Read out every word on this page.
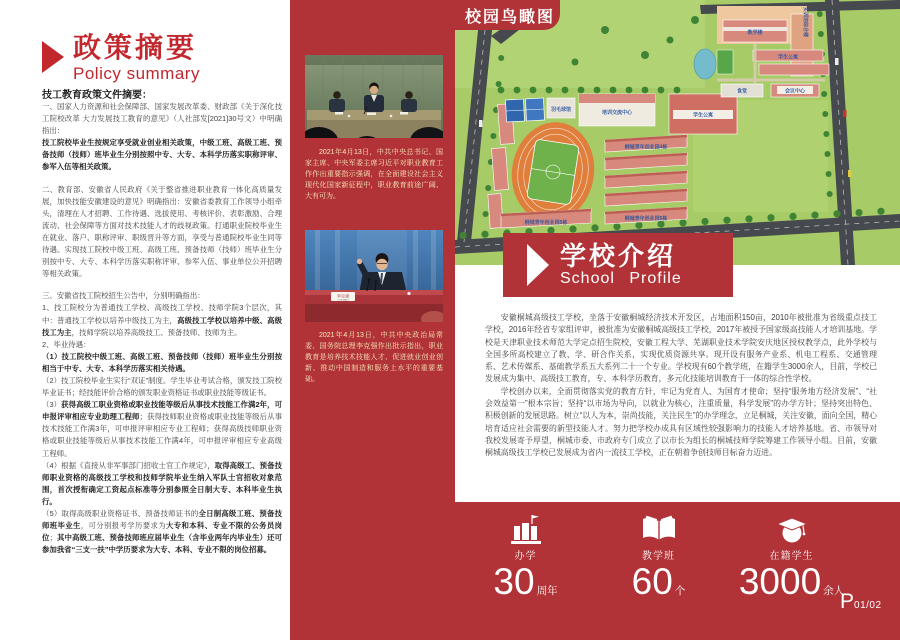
政策摘要
Policy summary
技工教育政策文件摘要：

一、国家人力资源和社会保障部、国家发展改革委、财政部《关于深化技工院校改革 大力发展技工教育的意见》（人社部发[2021]30号文）中明确指出：

技工院校毕业生按规定享受就业创业相关政策，中级工班、高级工班、预备技师（技师）班毕业生分别按照中专、大专、本科学历落实职称评审、参军入伍等相关政策。

二、教育部、安徽省人民政府《关于整省推进职业教育一体化高质量发展，加快技能安徽建设的意见》明确指出：安徽省委教育工作领导小组牵头，清理在人才招聘、工作待遇、选拔使用、考核评价、表彰激励、合理流动、社会保障等方面对技术技能人才的歧视政策。打通职业院校毕业生在就业、落户、职称评审、职级晋升等方面，享受与普通院校毕业生同等待遇。实现技工院校中级工班、高级工班、预备技师（技师）班毕业生分别按中专、大专、本科学历落实职称评审、参军入伍、事业单位公开招聘等相关政策。

三、安徽省技工院校招生公告中，分别明确指出：

1、技工院校分为普通技工学校、高级技工学校、技师学院3个层次，其中：普通技工学校以培养中级技工为主，高级技工学校以培养中级、高级技工为主，技师学院以培养高级技工、预备技师、技师为主。

2、毕业待遇：

（1）技工院校中级工班、高级工班、预备技师（技师）班毕业生分别按相当于中专、大专、本科学历落实相关待遇。

（2）技工院校毕业生实行“双证”制度。学生毕业考试合格，颁发技工院校毕业证书；经技能评价合格的颁发职业资格证书或职业技能等级证书。

（3）获得高级工职业资格或职业技能等级后从事技术技能工作满2年，可申报评审相应专业助理工程师；获得技师职业资格或职业技能等级后从事技术技能工作满3年，可申报评审相应专业工程师；获得高级技师职业资格或职业技能等级后从事技术技能工作满4年，可申报评审相应专业高级工程师。

（4）根据《直接从非军事部门招收士官工作规定》，取得高级工、预备技师职业资格的高级技工学校和技师学院毕业生纳入军队士官招收对象范围，首次授衔确定工资起点标准等分别参照全日制大专、本科毕业生执行。

（5）取得高级职业资格证书、预备技师证书的全日制高级工班、预备技师班毕业生，可分别报考学历要求为大专和本科、专业不限的公务员岗位；其中高级工班、预备技师班应届毕业生（含毕业两年内毕业生）还可参加我省“三支一扶”中学历要求为大专、本科、专业不限的岗位招募。

2021年4月13日，中共中央总书记、国家主席、中央军委主席习近平对职业教育工作作出重要指示强调，在全面建设社会主义现代化国家新征程中，职业教育前途广阔、大有可为。
李克强
LI KEQIANG
2021年4月13日，中共中央政治局常委、国务院总理李克强作出批示指出，职业教育是培养技术技能人才、促进就业创业创新、推动中国制造和服务上水平的重要基础。
培训交流中心	学生公寓
羽毛球馆
食堂	会议中心
教学楼
学生公寓
桐城青年创业园4栋
桐城青年创业园5栋
桐城青年创业园5栋
实训馆综合楼
校园鸟瞰图
学校介绍
School Profile

安徽桐城高级技工学校，坐落于安徽桐城经济技术开发区，占地面积150亩，2010年被批准为省级重点技工学校，2016年经省专家组评审，被批准为安徽桐城高级技工学校，2017年被授予国家级高技能人才培训基地。学校是天津职业技术师范大学定点招生院校，安徽工程大学、芜湖职业技术学院安庆地区授权教学点，此外学校与全国多所高校建立了教、学、研合作关系，实现优质资源共享。现开设有服务产业系、机电工程系、交通管理系、艺术传媒系、基础教学系五大系列二十一个专业。学校现有60个教学班，在籍学生3000余人，目前，学校已发展成为集中、高级技工教育，专、本科学历教育，多元化技能培训教育于一体的综合性学校。

学校创办以来，全面贯彻落实党的教育方针，牢记为党育人、为国育才使命；坚持“服务地方经济发展”、“社会效益第一”根本宗旨；坚持“以市场为导向，以就业为核心，注重质量，科学发展”的办学方针；坚持突出特色、积极创新的发展思路。树立“以人为本，崇尚技能，关注民生”的办学理念，立足桐城，关注安徽，面向全国，精心培育适应社会需要的新型技能人才。努力把学校办成具有区域性较强影响力的技能人才培养基地。省、市领导对我校发展寄予厚望，桐城市委、市政府专门成立了以市长为组长的桐城技师学院筹建工作领导小组。目前，安徽桐城高级技工学校已发展成为省内一流技工学校，正在朝着争创技师目标奋力迈进。

办学
30 周年
教学班
60 个
在籍学生
3000 余人
P 01/02
